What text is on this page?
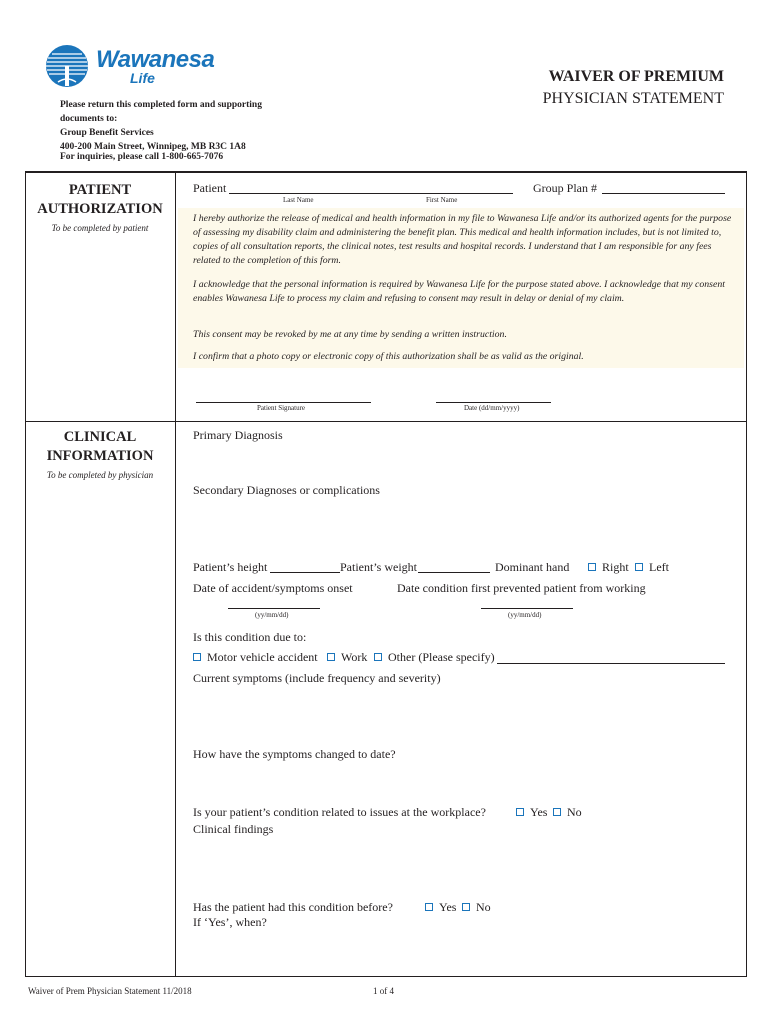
Wawanesa
Life	WAIVER OF PREMIUM
PHYSICIAN STATEMENT
Please return this completed form and supporting
documents to:
Group Benefit Services
400-200 Main Street, Winnipeg, MB R3C 1A8
For inquiries, please call 1-800-665-7076
PATIENT
AUTHORIZATION
To be completed by patient
Patient
Last Name	First Name
Group Plan #

I hereby authorize the release of medical and health information in my file to Wawanesa Life and/or its authorized agents for the purpose of assessing my disability claim and administering the benefit plan. This medical and health information includes, but is not limited to, copies of all consultation reports, the clinical notes, test results and hospital records. I understand that I am responsible for any fees related to the completion of this form.

I acknowledge that the personal information is required by Wawanesa Life for the purpose stated above. I acknowledge that my consent enables Wawanesa Life to process my claim and refusing to consent may result in delay or denial of my claim.

This consent may be revoked by me at any time by sending a written instruction.

I confirm that a photo copy or electronic copy of this authorization shall be as valid as the original.

Patient Signature	Date (dd/mm/yyyy)
CLINICAL
INFORMATION
To be completed by physician
Primary Diagnosis
Secondary Diagnoses or complications
Patient’s height	Patient’s weight	Dominant hand	Right	Left
Date of accident/symptoms onset	Date condition first prevented patient from working
(yy/mm/dd)	(yy/mm/dd)
Is this condition due to:
Motor vehicle accident	Work	Other (Please specify)
Current symptoms (include frequency and severity)
How have the symptoms changed to date?
Is your patient’s condition related to issues at the workplace?	Yes	No
Clinical findings
Has the patient had this condition before?	Yes	No
If ‘Yes’, when?
Waiver of Prem Physician Statement 11/2018	1 of 4
